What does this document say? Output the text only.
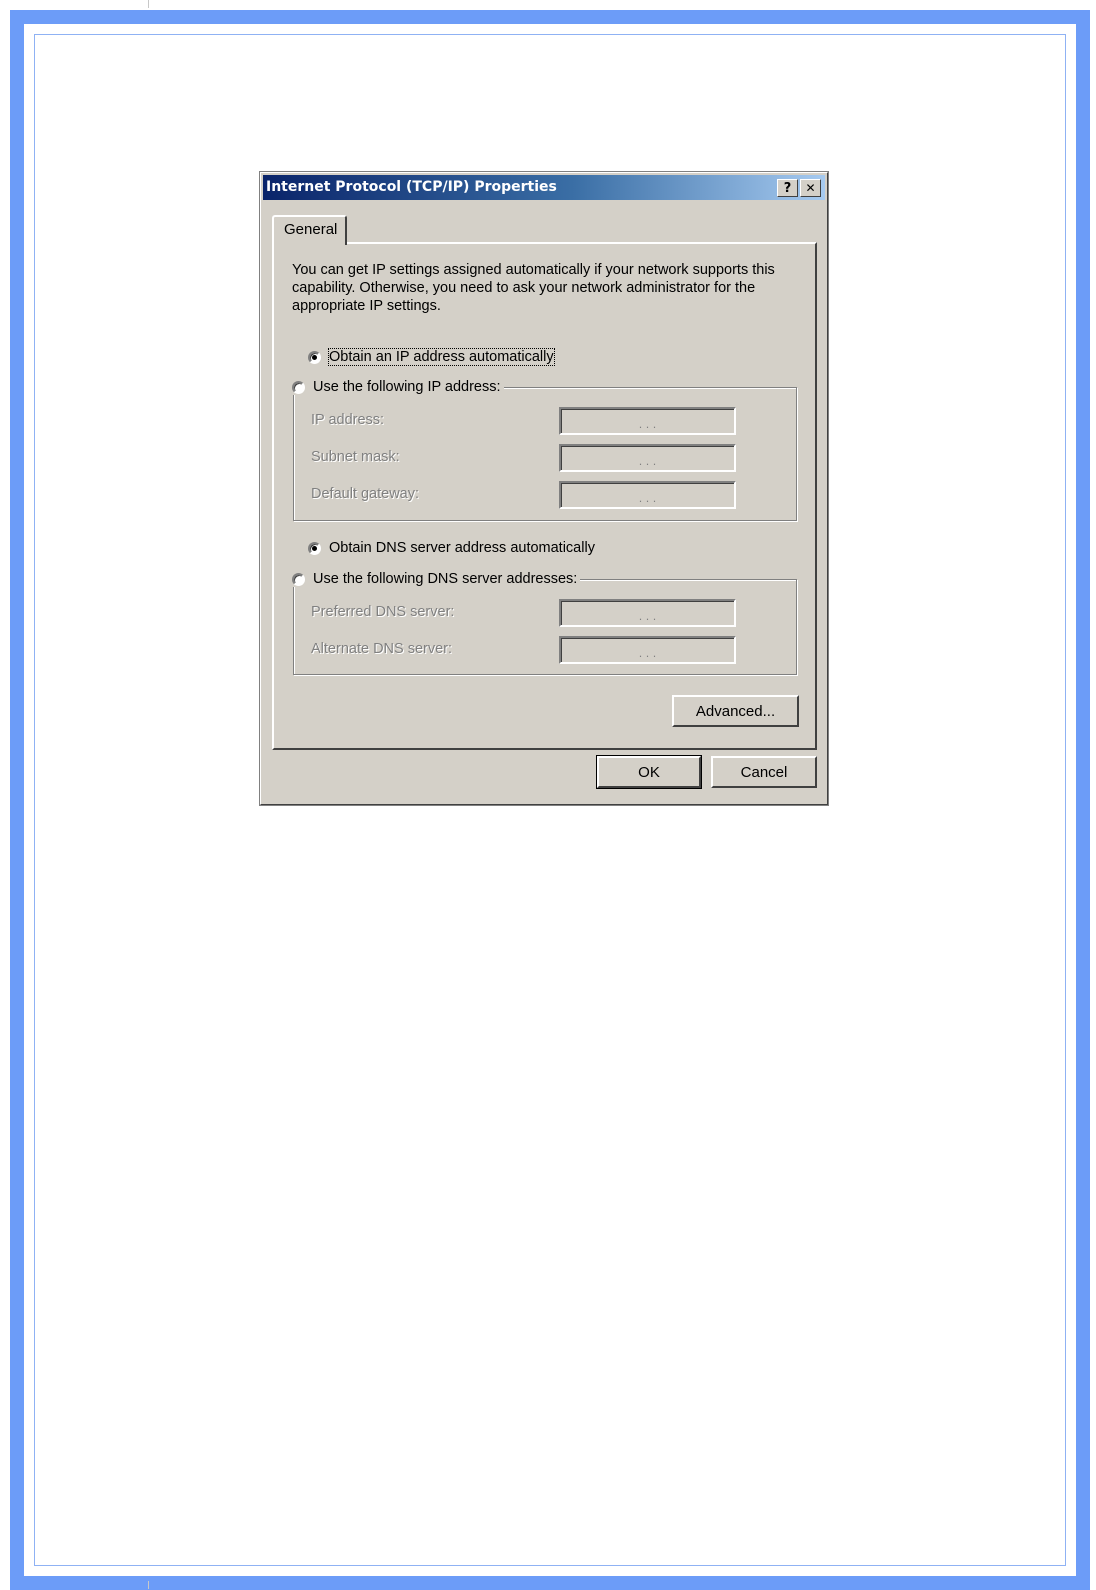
Internet Protocol (TCP/IP) Properties	? ✕
General
You can get IP settings assigned automatically if your network supports this capability. Otherwise, you need to ask your network administrator for the appropriate IP settings.
Obtain an IP address automatically
IP address:	. . .
Subnet mask:	. . .
Default gateway:	. . .
Use the following IP address:
Obtain DNS server address automatically
Preferred DNS server:	. . .
Alternate DNS server:	. . .
Use the following DNS server addresses:
Advanced...
OK	Cancel
